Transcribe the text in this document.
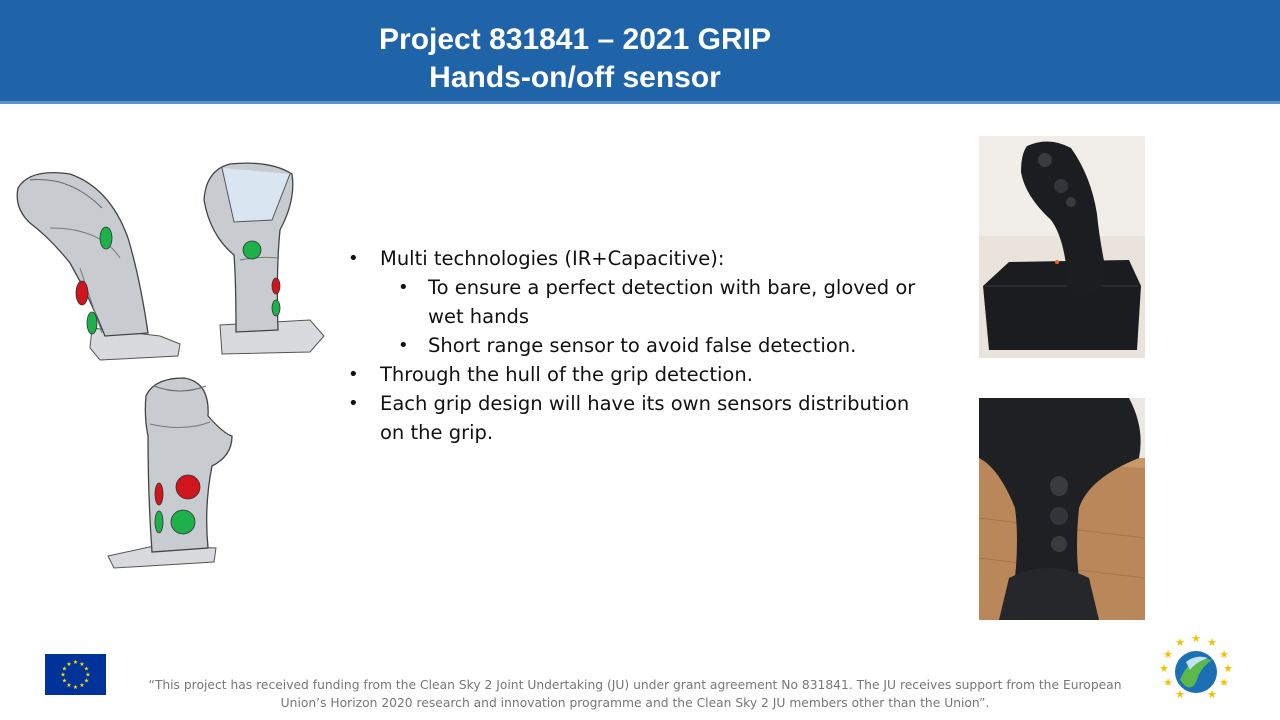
Project 831841 – 2021 GRIP
Hands-on/off sensor
• Multi technologies (IR+Capacitive):
• To ensure a perfect detection with bare, gloved or wet hands
• Short range sensor to avoid false detection.
• Through the hull of the grip detection.
• Each grip design will have its own sensors distribution on the grip.
★ ★
★
★
★
★
★
★
★
★
★
★
“This project has received funding from the Clean Sky 2 Joint Undertaking (JU) under grant agreement No 831841. The JU receives support from the European Union’s Horizon 2020 research and innovation programme and the Clean Sky 2 JU members other than the Union”.
★ ★
★
★
★
★
★
★
★
★
★
